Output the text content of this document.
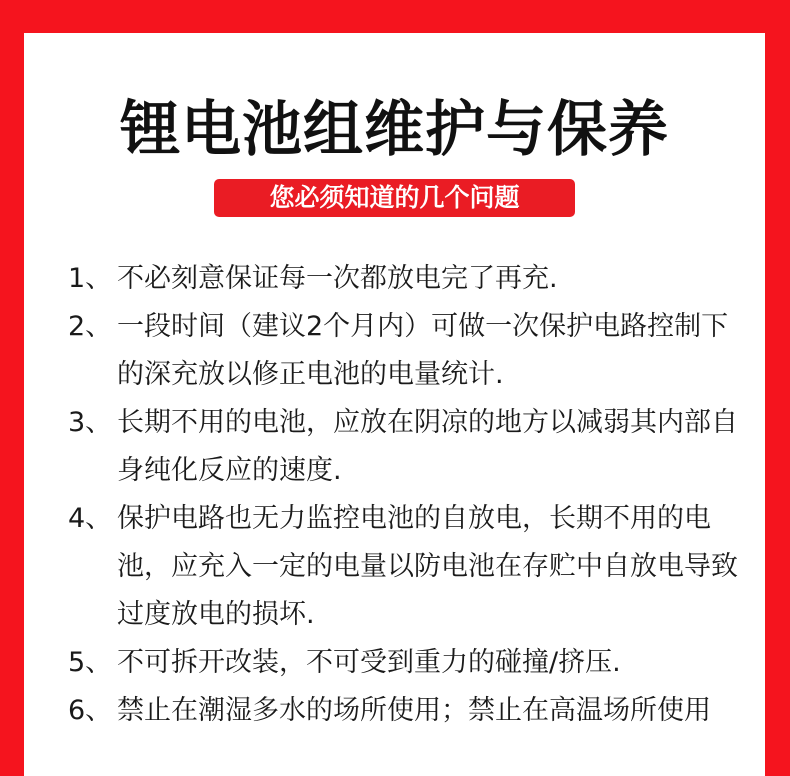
锂电池组维护与保养
您必须知道的几个问题
1、 不必刻意保证每一次都放电完了再充.
2、 一段时间（建议2个月内）可做一次保护电路控制下的深充放以修正电池的电量统计.
3、 长期不用的电池，应放在阴凉的地方以减弱其内部自身纯化反应的速度.
4、 保护电路也无力监控电池的自放电，长期不用的电池，应充入一定的电量以防电池在存贮中自放电导致过度放电的损坏.
5、 不可拆开改装，不可受到重力的碰撞/挤压.
6、 禁止在潮湿多水的场所使用；禁止在高温场所使用
